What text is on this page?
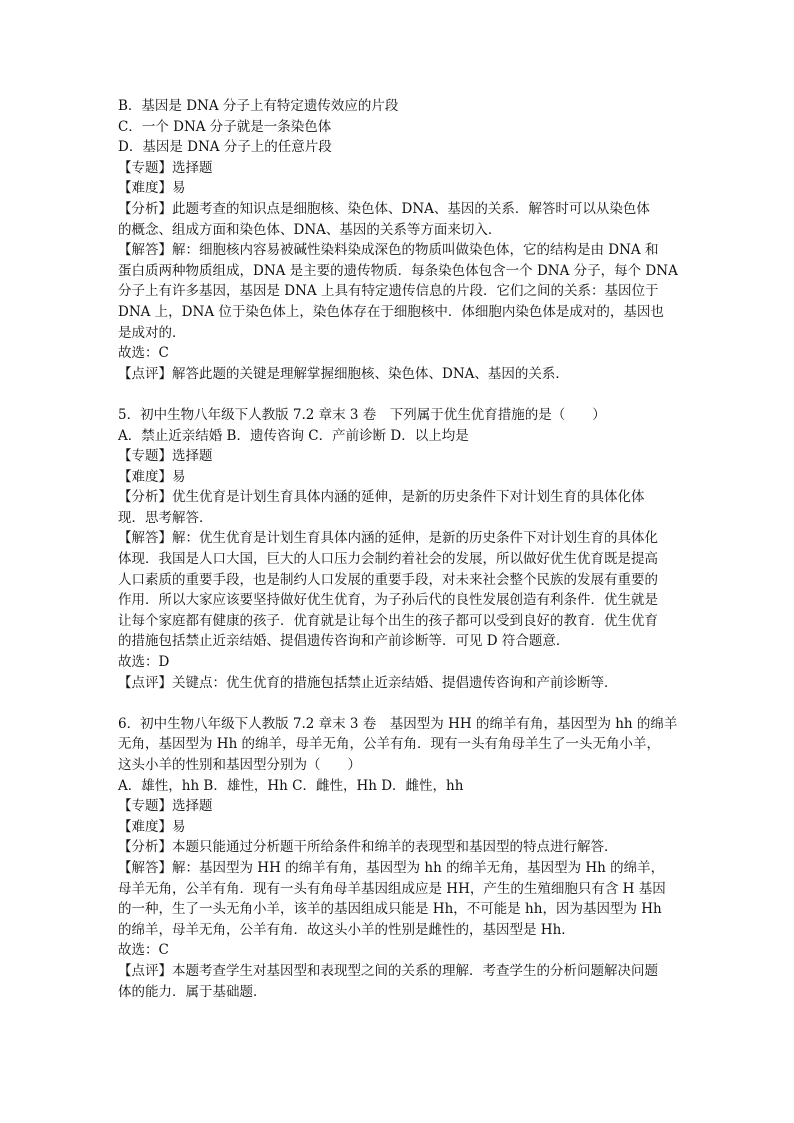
B．基因是 DNA 分子上有特定遗传效应的片段
C．一个 DNA 分子就是一条染色体
D．基因是 DNA 分子上的任意片段
【专题】选择题
【难度】易
【分析】此题考查的知识点是细胞核、染色体、DNA、基因的关系．解答时可以从染色体
的概念、组成方面和染色体、DNA、基因的关系等方面来切入．
【解答】解：细胞核内容易被碱性染料染成深色的物质叫做染色体，它的结构是由 DNA 和
蛋白质两种物质组成，DNA 是主要的遗传物质．每条染色体包含一个 DNA 分子，每个 DNA
分子上有许多基因，基因是 DNA 上具有特定遗传信息的片段．它们之间的关系：基因位于
DNA 上，DNA 位于染色体上，染色体存在于细胞核中．体细胞内染色体是成对的，基因也
是成对的．
故选：C
【点评】解答此题的关键是理解掌握细胞核、染色体、DNA、基因的关系．
5．初中生物八年级下人教版 7.2 章末 3 卷　下列属于优生优育措施的是（　　）
A．禁止近亲结婚 B．遗传咨询 C．产前诊断 D．以上均是
【专题】选择题
【难度】易
【分析】优生优育是计划生育具体内涵的延伸，是新的历史条件下对计划生育的具体化体
现．思考解答．
【解答】解：优生优育是计划生育具体内涵的延伸，是新的历史条件下对计划生育的具体化
体现．我国是人口大国，巨大的人口压力会制约着社会的发展，所以做好优生优育既是提高
人口素质的重要手段，也是制约人口发展的重要手段，对未来社会整个民族的发展有重要的
作用．所以大家应该要坚持做好优生优育，为子孙后代的良性发展创造有利条件．优生就是
让每个家庭都有健康的孩子．优育就是让每个出生的孩子都可以受到良好的教育．优生优育
的措施包括禁止近亲结婚、提倡遗传咨询和产前诊断等．可见 D 符合题意．
故选：D
【点评】关键点：优生优育的措施包括禁止近亲结婚、提倡遗传咨询和产前诊断等．
6．初中生物八年级下人教版 7.2 章末 3 卷　基因型为 HH 的绵羊有角，基因型为 hh 的绵羊
无角，基因型为 Hh 的绵羊，母羊无角，公羊有角．现有一头有角母羊生了一头无角小羊，
这头小羊的性别和基因型分别为（　　）
A．雄性，hh B．雄性，Hh C．雌性，Hh D．雌性，hh
【专题】选择题
【难度】易
【分析】本题只能通过分析题干所给条件和绵羊的表现型和基因型的特点进行解答．
【解答】解：基因型为 HH 的绵羊有角，基因型为 hh 的绵羊无角，基因型为 Hh 的绵羊，
母羊无角，公羊有角．现有一头有角母羊基因组成应是 HH，产生的生殖细胞只有含 H 基因
的一种，生了一头无角小羊，该羊的基因组成只能是 Hh，不可能是 hh，因为基因型为 Hh
的绵羊，母羊无角，公羊有角．故这头小羊的性别是雌性的，基因型是 Hh．
故选：C
【点评】本题考查学生对基因型和表现型之间的关系的理解．考查学生的分析问题解决问题
体的能力．属于基础题．
